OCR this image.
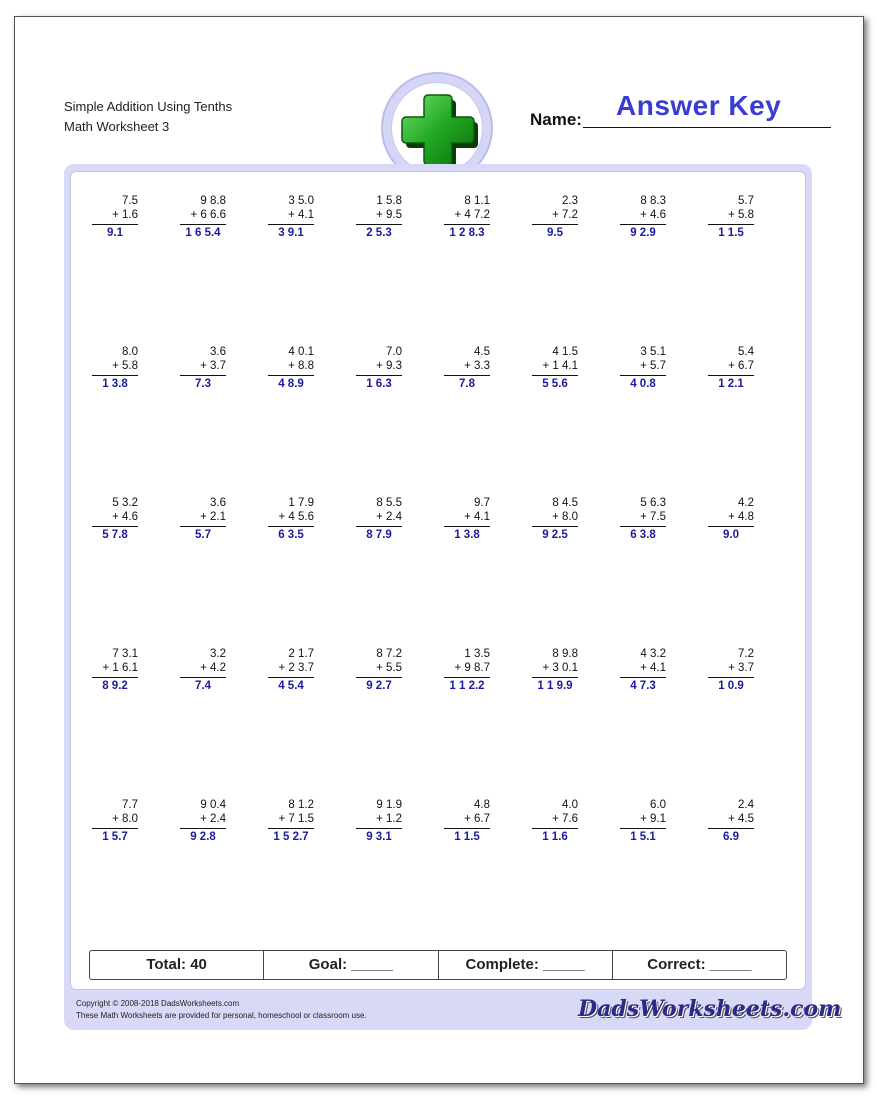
Simple Addition Using Tenths
Math Worksheet 3	Name: Answer Key
7.5
+ 1.6
9.1
9 8.8
+ 6 6.6
1 6 5.4
3 5.0
+ 4.1
3 9.1
1 5.8
+ 9.5
2 5.3
8 1.1
+ 4 7.2
1 2 8.3
2.3
+ 7.2
9.5
8 8.3
+ 4.6
9 2.9
5.7
+ 5.8
1 1.5
8.0
+ 5.8
1 3.8
3.6
+ 3.7
7.3
4 0.1
+ 8.8
4 8.9
7.0
+ 9.3
1 6.3
4.5
+ 3.3
7.8
4 1.5
+ 1 4.1
5 5.6
3 5.1
+ 5.7
4 0.8
5.4
+ 6.7
1 2.1
5 3.2
+ 4.6
5 7.8
3.6
+ 2.1
5.7
1 7.9
+ 4 5.6
6 3.5
8 5.5
+ 2.4
8 7.9
9.7
+ 4.1
1 3.8
8 4.5
+ 8.0
9 2.5
5 6.3
+ 7.5
6 3.8
4.2
+ 4.8
9.0
7 3.1
+ 1 6.1
8 9.2
3.2
+ 4.2
7.4
2 1.7
+ 2 3.7
4 5.4
8 7.2
+ 5.5
9 2.7
1 3.5
+ 9 8.7
1 1 2.2
8 9.8
+ 3 0.1
1 1 9.9
4 3.2
+ 4.1
4 7.3
7.2
+ 3.7
1 0.9
7.7
+ 8.0
1 5.7
9 0.4
+ 2.4
9 2.8
8 1.2
+ 7 1.5
1 5 2.7
9 1.9
+ 1.2
9 3.1
4.8
+ 6.7
1 1.5
4.0
+ 7.6
1 1.6
6.0
+ 9.1
1 5.1
2.4
+ 4.5
6.9
Total: 40	Goal: _____	Complete: _____	Correct: _____
Copyright © 2008-2018 DadsWorksheets.com
These Math Worksheets are provided for personal, homeschool or classroom use.	DadsWorksheets.com
